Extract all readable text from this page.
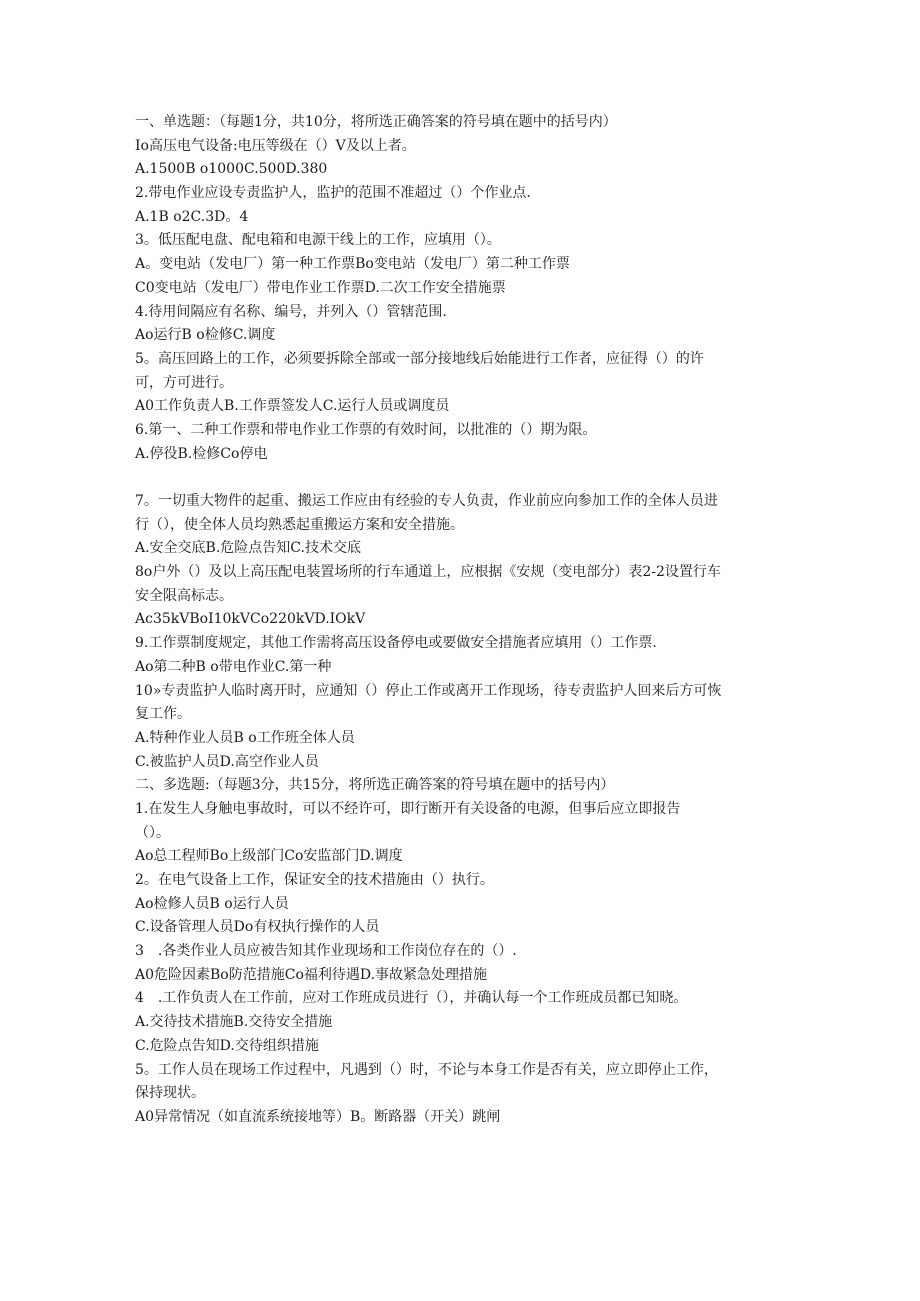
一、单选题：（每题1分，共10分，将所选正确答案的符号填在题中的括号内）
Io高压电气设备:电压等级在（）V及以上者。
A.1500B o1000C.500D.380
2.带电作业应设专责监护人，监护的范围不准超过（）个作业点.
A.1B o2C.3D。4
3。低压配电盘、配电箱和电源干线上的工作，应填用（）。
A。变电站（发电厂）第一种工作票Bo变电站（发电厂）第二种工作票
C0变电站（发电厂）带电作业工作票D.二次工作安全措施票
4.待用间隔应有名称、编号，并列入（）管辖范围.
Ao运行B o检修C.调度
5。高压回路上的工作，必须要拆除全部或一部分接地线后始能进行工作者，应征得（）的许
可，方可进行。
A0工作负责人B.工作票签发人C.运行人员或调度员
6.第一、二种工作票和带电作业工作票的有效时间，以批准的（）期为限。
A.停役B.检修Co停电
7。一切重大物件的起重、搬运工作应由有经验的专人负责，作业前应向参加工作的全体人员进
行（），使全体人员均熟悉起重搬运方案和安全措施。
A.安全交底B.危险点告知C.技术交底
8o户外（）及以上高压配电装置场所的行车通道上，应根据《安规（变电部分）表2-2设置行车
安全限高标志。
Ac35kVBoI10kVCo220kVD.IOkV
9.工作票制度规定，其他工作需将高压设备停电或要做安全措施者应填用（）工作票.
Ao第二种B o带电作业C.第一种
10»专责监护人临时离开时，应通知（）停止工作或离开工作现场，待专责监护人回来后方可恢
复工作。
A.特种作业人员B o工作班全体人员
C.被监护人员D.高空作业人员
二、多选题:（每题3分，共15分，将所选正确答案的符号填在题中的括号内）
1.在发生人身触电事故时，可以不经许可，即行断开有关设备的电源，但事后应立即报告
（）。
Ao总工程师Bo上级部门Co安监部门D.调度
2。在电气设备上工作，保证安全的技术措施由（）执行。
Ao检修人员B o运行人员
C.设备管理人员Do有权执行操作的人员
3　.各类作业人员应被告知其作业现场和工作岗位存在的（）.
A0危险因素Bo防范措施Co福利待遇D.事故紧急处理措施
4　.工作负责人在工作前，应对工作班成员进行（），并确认每一个工作班成员都已知晓。
A.交待技术措施B.交待安全措施
C.危险点告知D.交待组织措施
5。工作人员在现场工作过程中，凡遇到（）时，不论与本身工作是否有关，应立即停止工作，
保持现状。
A0异常情况（如直流系统接地等）B。断路器（开关）跳闸
